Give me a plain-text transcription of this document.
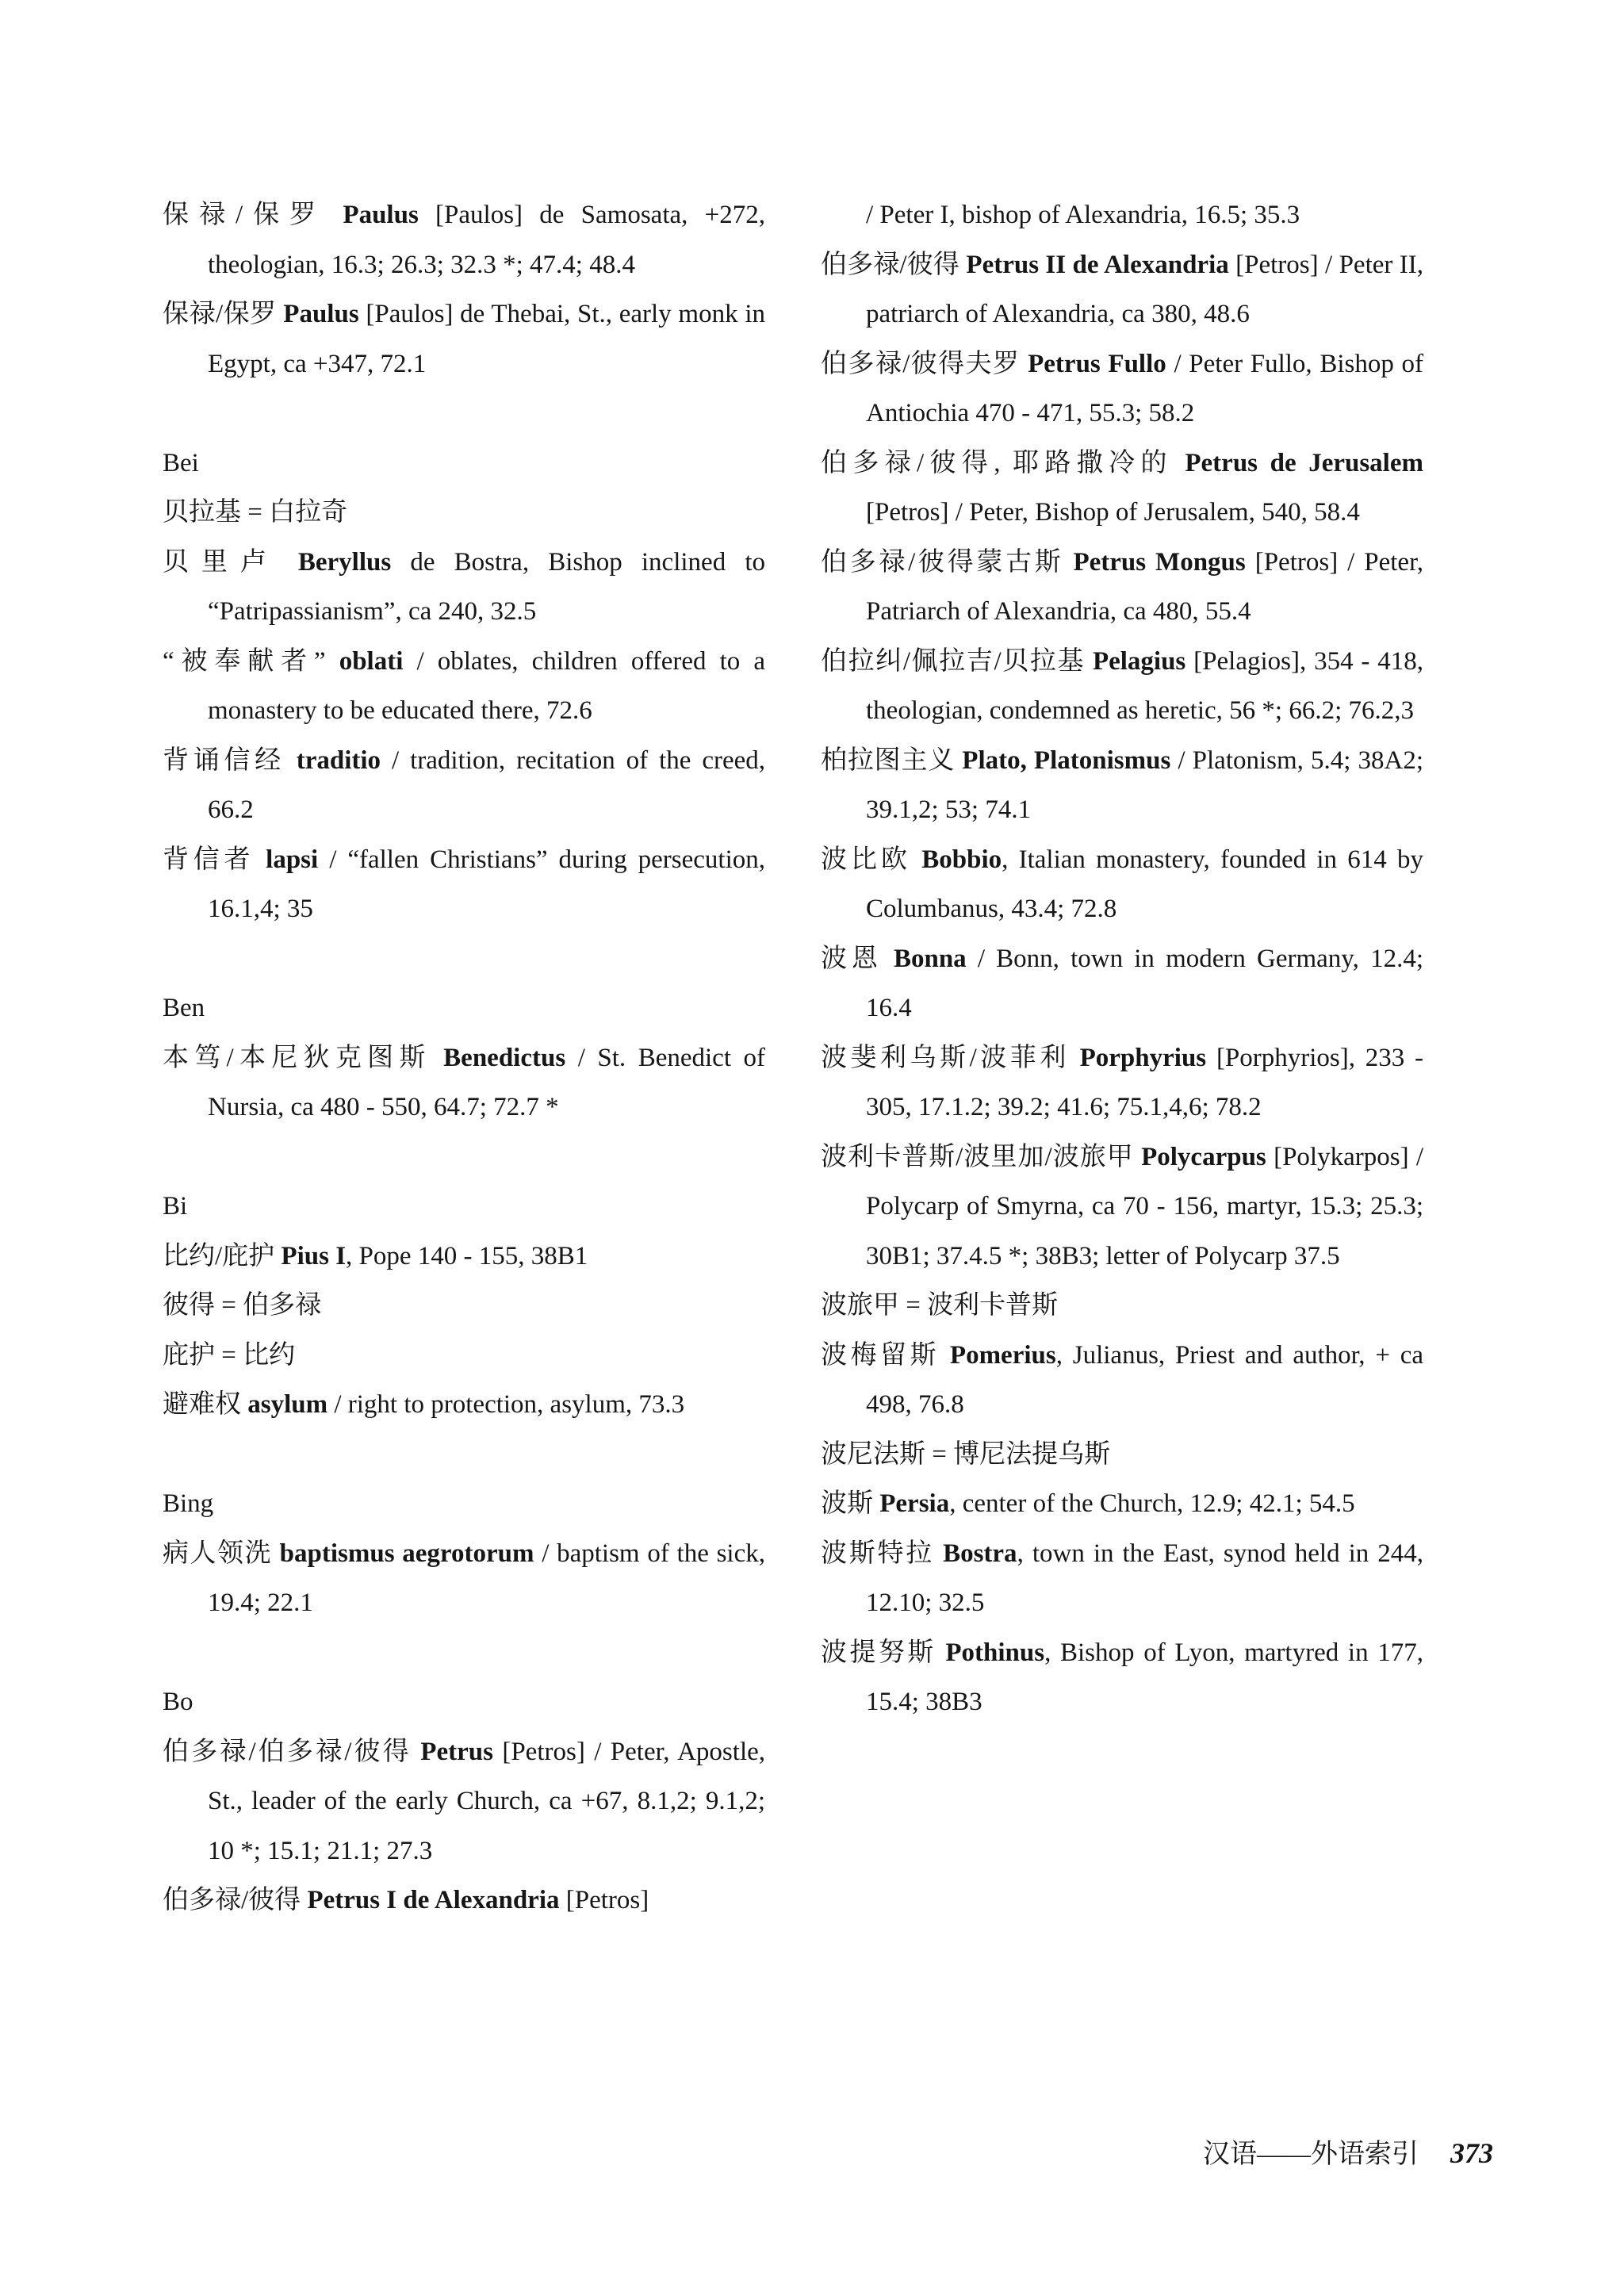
保禄/保罗 Paulus [Paulos] de Samosata, +272, theologian, 16.3; 26.3; 32.3 *; 47.4; 48.4
保禄/保罗 Paulus [Paulos] de Thebai, St., early monk in Egypt, ca +347, 72.1
Bei
贝拉基 = 白拉奇
贝里卢 Beryllus de Bostra, Bishop inclined to “Patripassianism”, ca 240, 32.5
“被奉献者” oblati / oblates, children offered to a monastery to be educated there, 72.6
背诵信经 traditio / tradition, recitation of the creed, 66.2
背信者 lapsi / “fallen Christians” during persecution, 16.1,4; 35
Ben
本笃/本尼狄克图斯 Benedictus / St. Benedict of Nursia, ca 480 - 550, 64.7; 72.7 *
Bi
比约/庇护 Pius I, Pope 140 - 155, 38B1
彼得 = 伯多禄
庇护 = 比约
避难权 asylum / right to protection, asylum, 73.3
Bing
病人领洗 baptismus aegrotorum / baptism of the sick, 19.4; 22.1
Bo
伯多禄/伯多禄/彼得 Petrus [Petros] / Peter, Apostle, St., leader of the early Church, ca +67, 8.1,2; 9.1,2; 10 *; 15.1; 21.1; 27.3
伯多禄/彼得 Petrus I de Alexandria [Petros]
/ Peter I, bishop of Alexandria, 16.5; 35.3
伯多禄/彼得 Petrus II de Alexandria [Petros] / Peter II, patriarch of Alexandria, ca 380, 48.6
伯多禄/彼得夫罗 Petrus Fullo / Peter Fullo, Bishop of Antiochia 470 - 471, 55.3; 58.2
伯多禄/彼得, 耶路撒冷的 Petrus de Jerusalem [Petros] / Peter, Bishop of Jerusalem, 540, 58.4
伯多禄/彼得蒙古斯 Petrus Mongus [Petros] / Peter, Patriarch of Alexandria, ca 480, 55.4
伯拉纠/佩拉吉/贝拉基 Pelagius [Pelagios], 354 - 418, theologian, condemned as heretic, 56 *; 66.2; 76.2,3
柏拉图主义 Plato, Platonismus / Platonism, 5.4; 38A2; 39.1,2; 53; 74.1
波比欧 Bobbio, Italian monastery, founded in 614 by Columbanus, 43.4; 72.8
波恩 Bonna / Bonn, town in modern Germany, 12.4; 16.4
波斐利乌斯/波菲利 Porphyrius [Porphyrios], 233 - 305, 17.1.2; 39.2; 41.6; 75.1,4,6; 78.2
波利卡普斯/波里加/波旅甲 Polycarpus [Polykarpos] / Polycarp of Smyrna, ca 70 - 156, martyr, 15.3; 25.3; 30B1; 37.4.5 *; 38B3; letter of Polycarp 37.5
波旅甲 = 波利卡普斯
波梅留斯 Pomerius, Julianus, Priest and author, + ca 498, 76.8
波尼法斯 = 博尼法提乌斯
波斯 Persia, center of the Church, 12.9; 42.1; 54.5
波斯特拉 Bostra, town in the East, synod held in 244, 12.10; 32.5
波提努斯 Pothinus, Bishop of Lyon, martyred in 177, 15.4; 38B3
汉语——外语索引 373
